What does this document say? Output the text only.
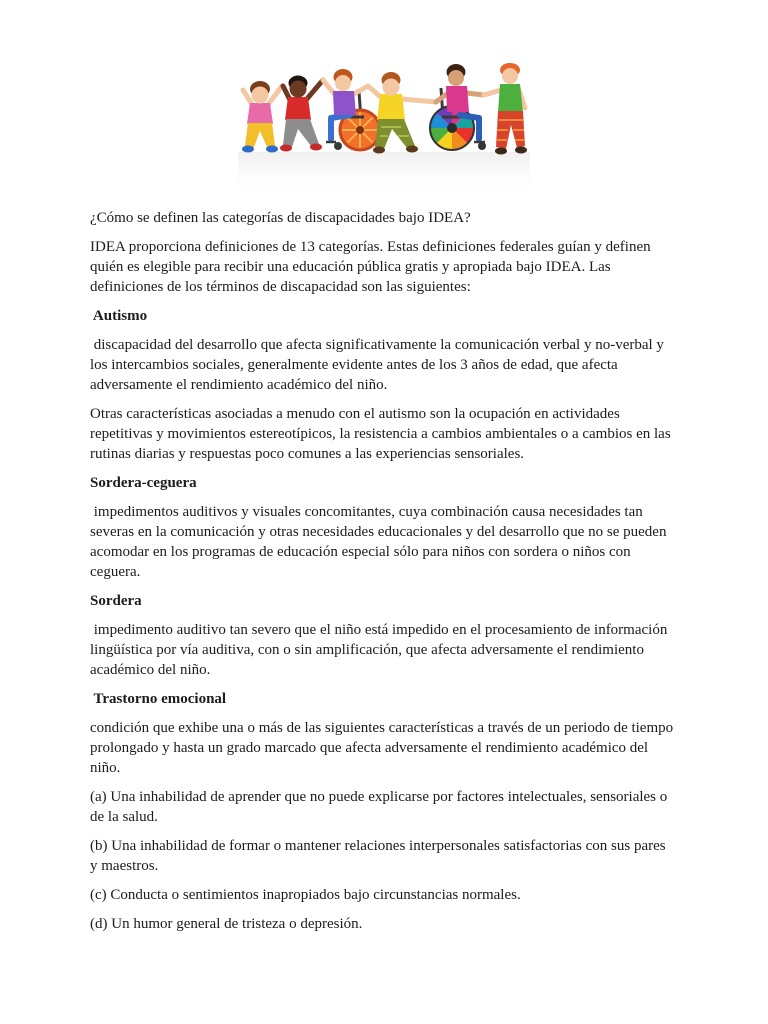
¿Cómo se definen las categorías de discapacidades bajo IDEA?
IDEA proporciona definiciones de 13 categorías. Estas definiciones federales guían y definen
quién es elegible para recibir una educación pública gratis y apropiada bajo IDEA. Las
definiciones de los términos de discapacidad son las siguientes:
Autismo
discapacidad del desarrollo que afecta significativamente la comunicación verbal y no-verbal y
los intercambios sociales, generalmente evidente antes de los 3 años de edad, que afecta
adversamente el rendimiento académico del niño.
Otras características asociadas a menudo con el autismo son la ocupación en actividades
repetitivas y movimientos estereotípicos, la resistencia a cambios ambientales o a cambios en las
rutinas diarias y respuestas poco comunes a las experiencias sensoriales.
Sordera-ceguera
impedimentos auditivos y visuales concomitantes, cuya combinación causa necesidades tan
severas en la comunicación y otras necesidades educacionales y del desarrollo que no se pueden
acomodar en los programas de educación especial sólo para niños con sordera o niños con
ceguera.
Sordera
impedimento auditivo tan severo que el niño está impedido en el procesamiento de información
lingüística por vía auditiva, con o sin amplificación, que afecta adversamente el rendimiento
académico del niño.
Trastorno emocional
condición que exhibe una o más de las siguientes características a través de un periodo de tiempo
prolongado y hasta un grado marcado que afecta adversamente el rendimiento académico del
niño.
(a) Una inhabilidad de aprender que no puede explicarse por factores intelectuales, sensoriales o
de la salud.
(b) Una inhabilidad de formar o mantener relaciones interpersonales satisfactorias con sus pares
y maestros.
(c) Conducta o sentimientos inapropiados bajo circunstancias normales.
(d) Un humor general de tristeza o depresión.
